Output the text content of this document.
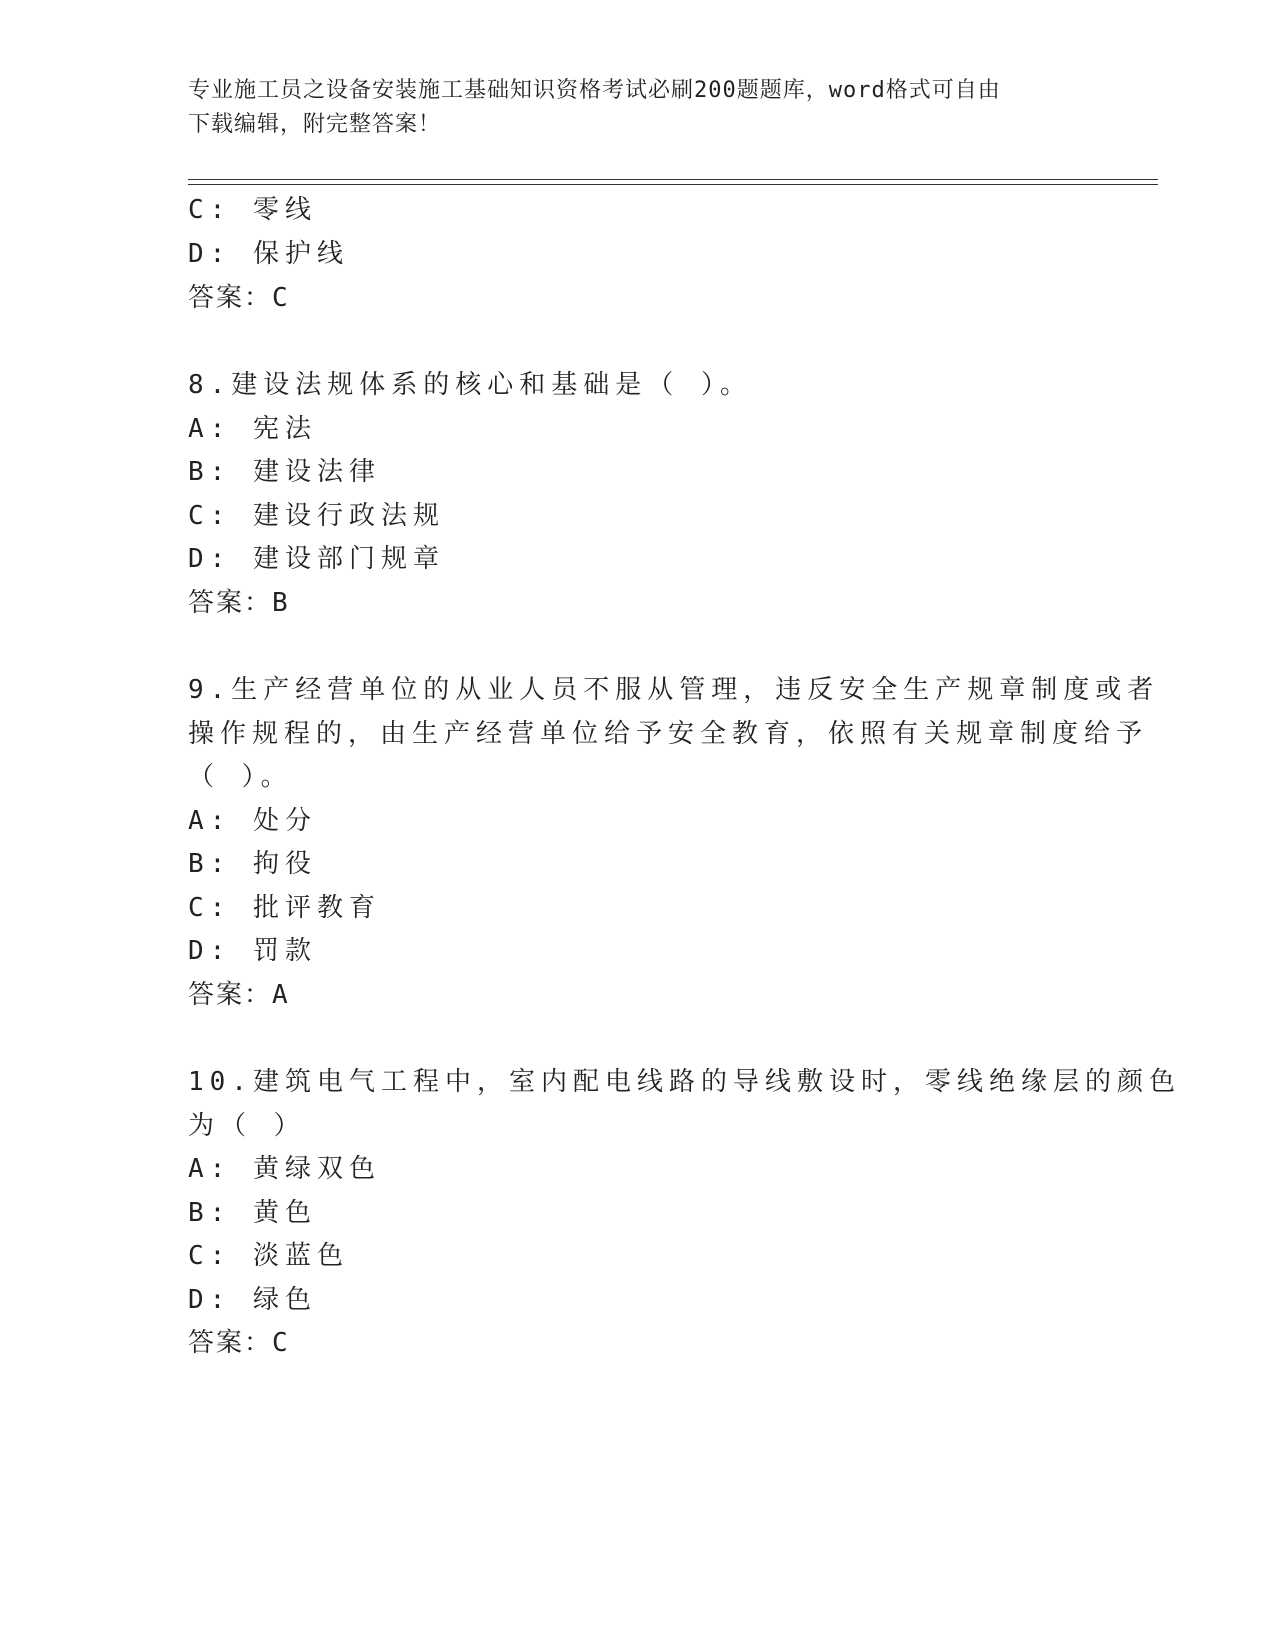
专业施工员之设备安装施工基础知识资格考试必刷200题题库，word格式可自由
下载编辑，附完整答案！
C: 零线
D: 保护线
答案：C
8.建设法规体系的核心和基础是（ ）。
A: 宪法
B: 建设法律
C: 建设行政法规
D: 建设部门规章
答案：B
9.生产经营单位的从业人员不服从管理，违反安全生产规章制度或者
操作规程的，由生产经营单位给予安全教育，依照有关规章制度给予
（ ）。
A: 处分
B: 拘役
C: 批评教育
D: 罚款
答案：A
10.建筑电气工程中，室内配电线路的导线敷设时，零线绝缘层的颜色
为（ ）
A: 黄绿双色
B: 黄色
C: 淡蓝色
D: 绿色
答案：C
